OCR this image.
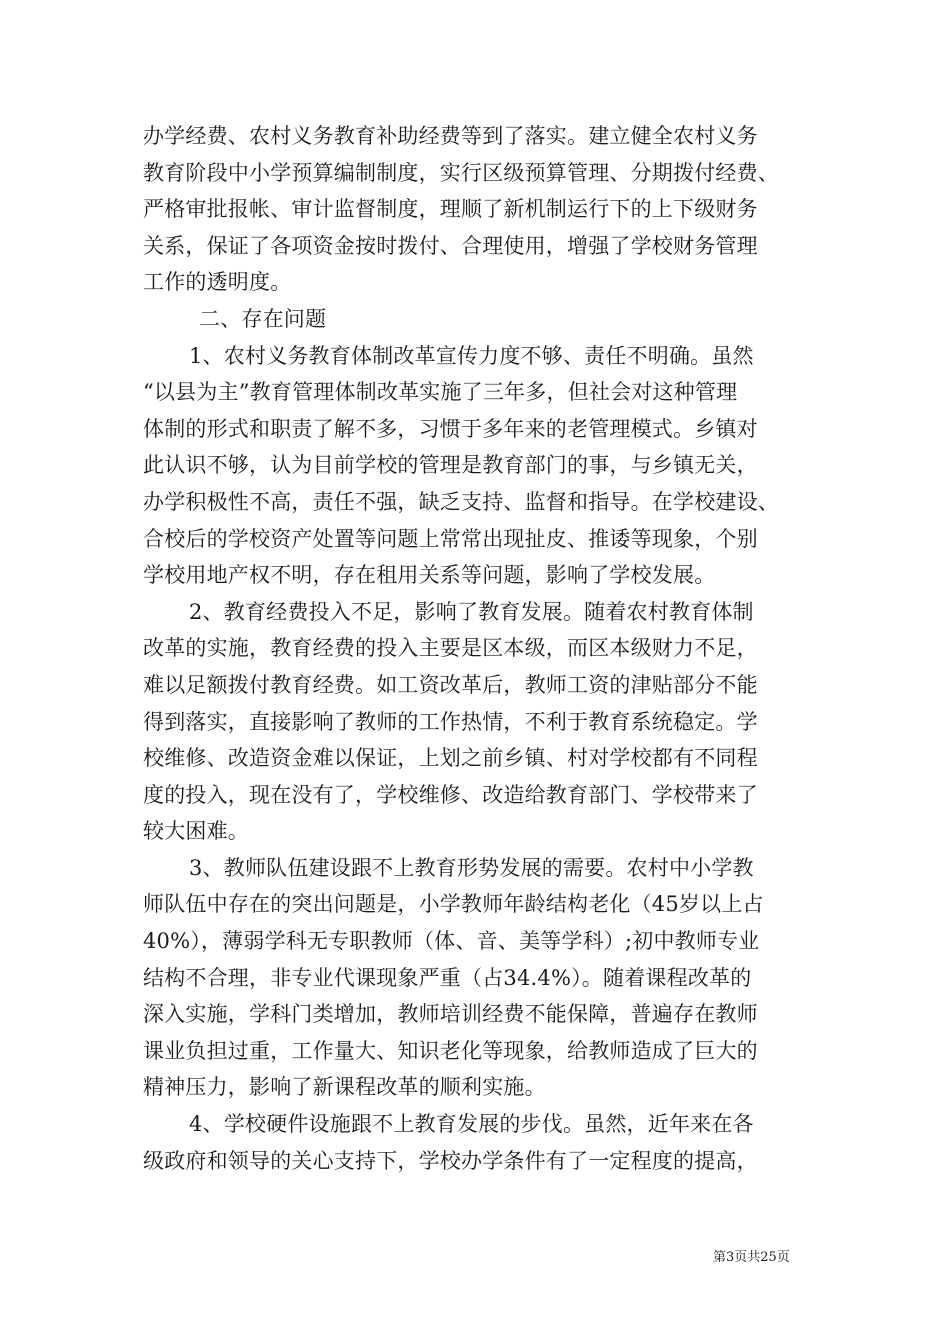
办学经费、农村义务教育补助经费等到了落实。建立健全农村义务
教育阶段中小学预算编制制度，实行区级预算管理、分期拨付经费、
严格审批报帐、审计监督制度，理顺了新机制运行下的上下级财务
关系，保证了各项资金按时拨付、合理使用，增强了学校财务管理
工作的透明度。
二、存在问题
1、农村义务教育体制改革宣传力度不够、责任不明确。虽然
“以县为主”教育管理体制改革实施了三年多，但社会对这种管理
体制的形式和职责了解不多，习惯于多年来的老管理模式。乡镇对
此认识不够，认为目前学校的管理是教育部门的事，与乡镇无关，
办学积极性不高，责任不强，缺乏支持、监督和指导。在学校建设、
合校后的学校资产处置等问题上常常出现扯皮、推诿等现象，个别
学校用地产权不明，存在租用关系等问题，影响了学校发展。
2、教育经费投入不足，影响了教育发展。随着农村教育体制
改革的实施，教育经费的投入主要是区本级，而区本级财力不足，
难以足额拨付教育经费。如工资改革后，教师工资的津贴部分不能
得到落实，直接影响了教师的工作热情，不利于教育系统稳定。学
校维修、改造资金难以保证，上划之前乡镇、村对学校都有不同程
度的投入，现在没有了，学校维修、改造给教育部门、学校带来了
较大困难。
3、教师队伍建设跟不上教育形势发展的需要。农村中小学教
师队伍中存在的突出问题是，小学教师年龄结构老化（45岁以上占
40%），薄弱学科无专职教师（体、音、美等学科）;初中教师专业
结构不合理，非专业代课现象严重（占34.4%）。随着课程改革的
深入实施，学科门类增加，教师培训经费不能保障，普遍存在教师
课业负担过重，工作量大、知识老化等现象，给教师造成了巨大的
精神压力，影响了新课程改革的顺利实施。
4、学校硬件设施跟不上教育发展的步伐。虽然，近年来在各
级政府和领导的关心支持下，学校办学条件有了一定程度的提高，
第3页共25页
